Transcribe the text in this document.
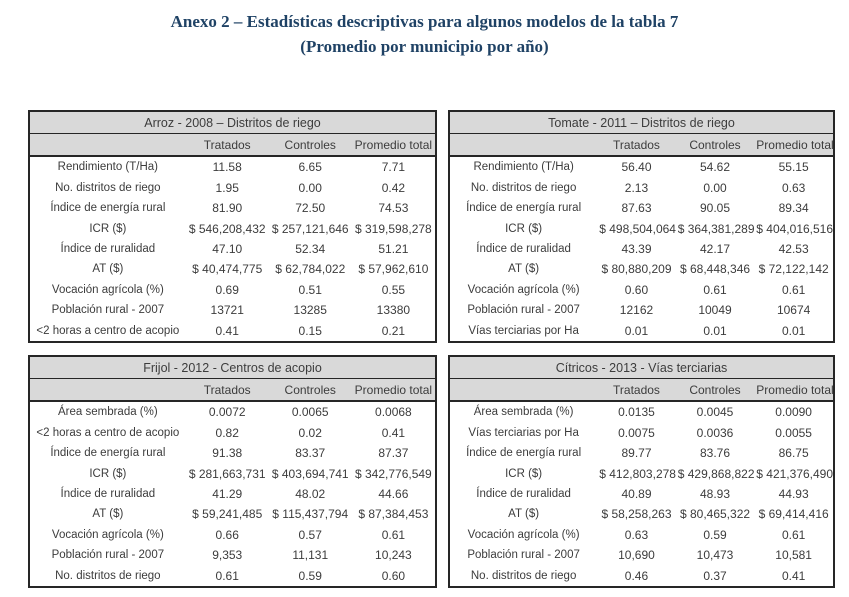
Anexo 2 – Estadísticas descriptivas para algunos modelos de la tabla 7
(Promedio por municipio por año)
Arroz - 2008 – Distritos de riego			
	Tratados	Controles	Promedio total
Rendimiento (T/Ha)	11.58	6.65	7.71
No. distritos de riego	1.95	0.00	0.42
Índice de energía rural	81.90	72.50	74.53
ICR ($)	$ 546,208,432	$ 257,121,646	$ 319,598,278
Índice de ruralidad	47.10	52.34	51.21
AT ($)	$ 40,474,775	$ 62,784,022	$ 57,962,610
Vocación agrícola (%)	0.69	0.51	0.55
Población rural - 2007	13721	13285	13380
<2 horas a centro de acopio	0.41	0.15	0.21
Tomate - 2011 – Distritos de riego			
	Tratados	Controles	Promedio total
Rendimiento (T/Ha)	56.40	54.62	55.15
No. distritos de riego	2.13	0.00	0.63
Índice de energía rural	87.63	90.05	89.34
ICR ($)	$ 498,504,064	$ 364,381,289	$ 404,016,516
Índice de ruralidad	43.39	42.17	42.53
AT ($)	$ 80,880,209	$ 68,448,346	$ 72,122,142
Vocación agrícola (%)	0.60	0.61	0.61
Población rural - 2007	12162	10049	10674
Vías terciarias por Ha	0.01	0.01	0.01
Frijol - 2012 - Centros de acopio			
	Tratados	Controles	Promedio total
Área sembrada (%)	0.0072	0.0065	0.0068
<2 horas a centro de acopio	0.82	0.02	0.41
Índice de energía rural	91.38	83.37	87.37
ICR ($)	$ 281,663,731	$ 403,694,741	$ 342,776,549
Índice de ruralidad	41.29	48.02	44.66
AT ($)	$ 59,241,485	$ 115,437,794	$ 87,384,453
Vocación agrícola (%)	0.66	0.57	0.61
Población rural - 2007	9,353	11,131	10,243
No. distritos de riego	0.61	0.59	0.60
Cítricos - 2013 - Vías terciarias			
	Tratados	Controles	Promedio total
Área sembrada (%)	0.0135	0.0045	0.0090
Vías terciarias por Ha	0.0075	0.0036	0.0055
Índice de energía rural	89.77	83.76	86.75
ICR ($)	$ 412,803,278	$ 429,868,822	$ 421,376,490
Índice de ruralidad	40.89	48.93	44.93
AT ($)	$ 58,258,263	$ 80,465,322	$ 69,414,416
Vocación agrícola (%)	0.63	0.59	0.61
Población rural - 2007	10,690	10,473	10,581
No. distritos de riego	0.46	0.37	0.41
